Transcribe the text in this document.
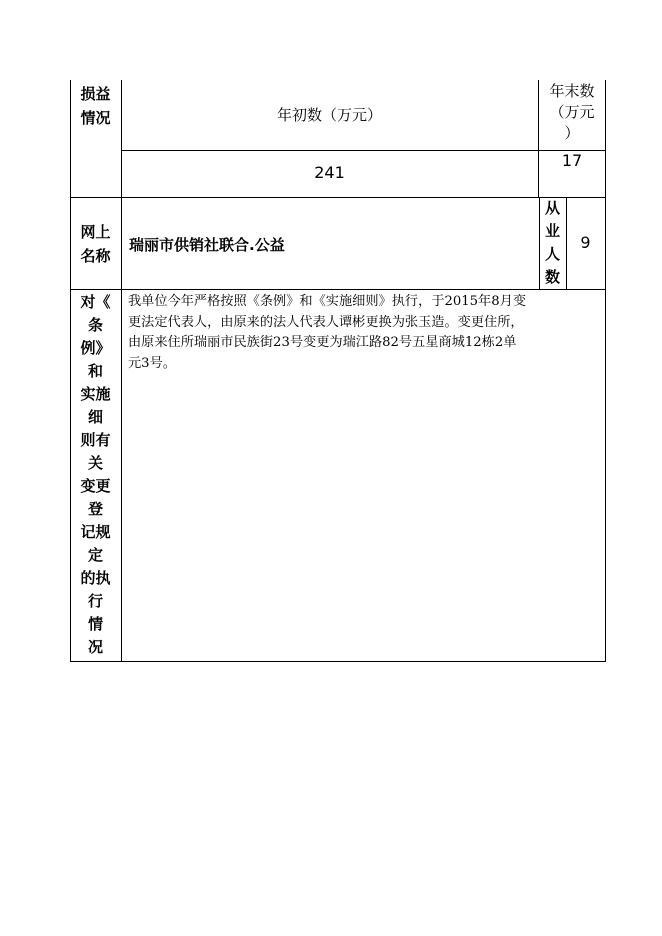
损益
情况	年初数（万元）
年末数
（万元
）
241
17
网上
名称
瑞丽市供销社联合.公益
从
业
人
数
9
对《
条
例》
和
实施
细
则有
关
变更
登
记规
定
的执
行
情
况
我单位今年严格按照《条例》和《实施细则》执行，于2015年8月变
更法定代表人，由原来的法人代表人谭彬更换为张玉造。变更住所，
由原来住所瑞丽市民族街23号变更为瑞江路82号五星商城12栋2单
元3号。
